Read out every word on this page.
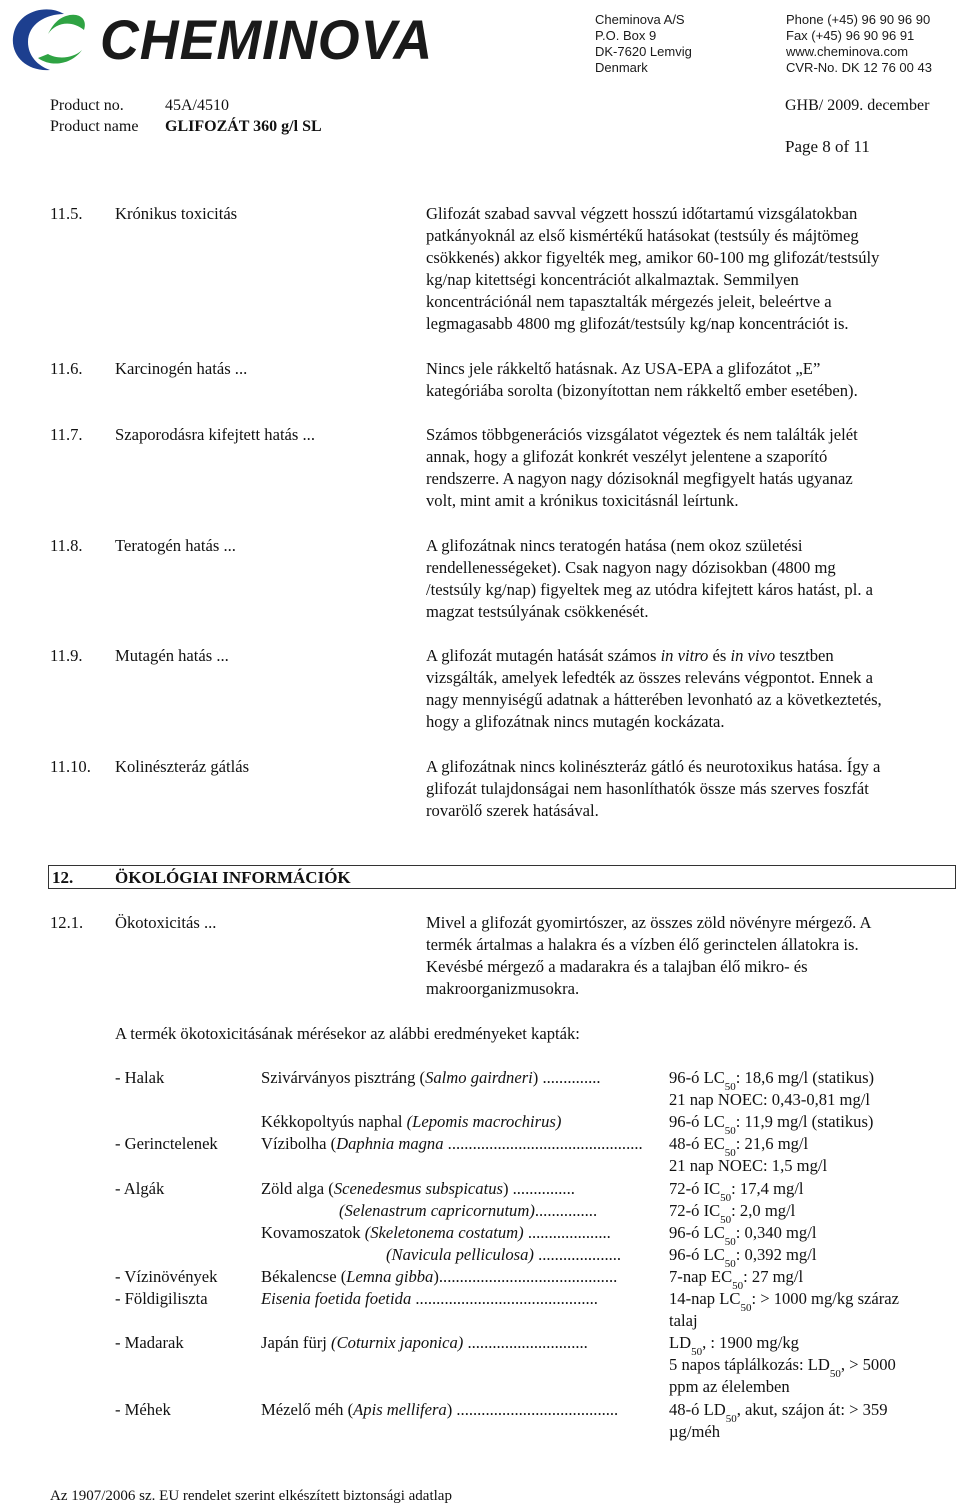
CHEMINOVA	Cheminova A/S
P.O. Box 9
DK-7620 Lemvig
Denmark
Phone (+45) 96 90 96 90
Fax (+45) 96 90 96 91
www.cheminova.com
CVR-No. DK 12 76 00 43
Product no.	45A/4510
Product name GLIFOZÁT 360 g/l SL
GHB/ 2009. december
Page 8 of 11
11.5. Krónikus toxicitás	Glifozát szabad savval végzett hosszú időtartamú vizsgálatokban
patkányoknál az első kismértékű hatásokat (testsúly és májtömeg
csökkenés) akkor figyelték meg, amikor 60-100 mg glifozát/testsúly
kg/nap kitettségi koncentrációt alkalmaztak. Semmilyen
koncentrációnál nem tapasztalták mérgezés jeleit, beleértve a
legmagasabb 4800 mg glifozát/testsúly kg/nap koncentrációt is.
11.6. Karcinogén hatás ...	Nincs jele rákkeltő hatásnak. Az USA-EPA a glifozátot „E”
kategóriába sorolta (bizonyítottan nem rákkeltő ember esetében).
11.7. Szaporodásra kifejtett hatás ...	Számos többgenerációs vizsgálatot végeztek és nem találták jelét
annak, hogy a glifozát konkrét veszélyt jelentene a szaporító
rendszerre. A nagyon nagy dózisoknál megfigyelt hatás ugyanaz
volt, mint amit a krónikus toxicitásnál leírtunk.
11.8. Teratogén hatás ...	A glifozátnak nincs teratogén hatása (nem okoz születési
rendellenességeket). Csak nagyon nagy dózisokban (4800 mg
/testsúly kg/nap) figyeltek meg az utódra kifejtett káros hatást, pl. a
magzat testsúlyának csökkenését.
11.9. Mutagén hatás ...	A glifozát mutagén hatását számos in vitro és in vivo tesztben
vizsgálták, amelyek lefedték az összes releváns végpontot. Ennek a
nagy mennyiségű adatnak a hátterében levonható az a következtetés,
hogy a glifozátnak nincs mutagén kockázata.
11.10. Kolinészteráz gátlás	A glifozátnak nincs kolinészteráz gátló és neurotoxikus hatása. Így a
glifozát tulajdonságai nem hasonlíthatók össze más szerves foszfát
rovarölő szerek hatásával.
12. ÖKOLÓGIAI INFORMÁCIÓK
12.1. Ökotoxicitás ...	Mivel a glifozát gyomirtószer, az összes zöld növényre mérgező. A
termék ártalmas a halakra és a vízben élő gerinctelen állatokra is.
Kevésbé mérgező a madarakra és a talajban élő mikro- és
makroorganizmusokra.
A termék ökotoxicitásának mérésekor az alábbi eredményeket kapták:
- Halak	Szivárványos pisztráng (Salmo gairdneri) ..............	96-ó $LC_{50}$: 18,6 mg/l (statikus)
21 nap NOEC: 0,43-0,81 mg/l
Kékkopoltyús naphal (Lepomis macrochirus)	96-ó $LC_{50}$: 11,9 mg/l (statikus)
- Gerinctelenek	Vízibolha (Daphnia magna ...............................................	48-ó $EC_{50}$: 21,6 mg/l
21 nap NOEC: 1,5 mg/l
- Algák	Zöld alga (Scenedesmus subspicatus) ...............	72-ó $IC_{50}$: 17,4 mg/l
(Selenastrum capricornutum)...............	72-ó $IC_{50}$: 2,0 mg/l
Kovamoszatok (Skeletonema costatum) ....................	96-ó $LC_{50}$: 0,340 mg/l
(Navicula pelliculosa) ....................	96-ó $LC_{50}$: 0,392 mg/l
- Vízinövények	Békalencse (Lemna gibba)...........................................	7-nap $EC_{50}$: 27 mg/l
- Földigiliszta	Eisenia foetida foetida ............................................	14-nap $LC_{50}$: > 1000 mg/kg száraz
talaj
- Madarak	Japán fürj (Coturnix japonica) .............................	$LD_{50}$, : 1900 mg/kg
5 napos táplálkozás: $LD_{50}$, > 5000
ppm az élelemben
- Méhek	Mézelő méh (Apis mellifera) .......................................	48-ó $LD_{50}$, akut, szájon át: > 359
µg/méh
Az 1907/2006 sz. EU rendelet szerint elkészített biztonsági adatlap
